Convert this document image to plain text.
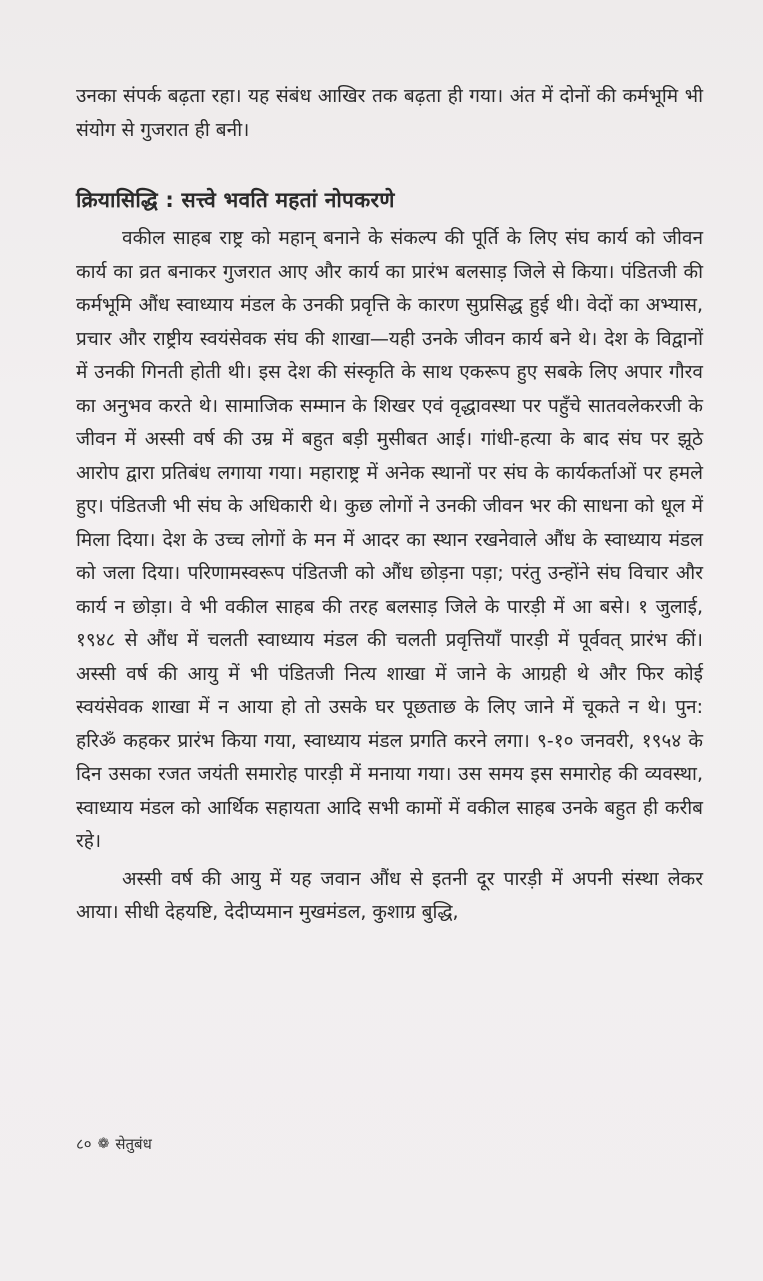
उनका संपर्क बढ़ता रहा। यह संबंध आखिर तक बढ़ता ही गया। अंत में दोनों की कर्मभूमि भी संयोग से गुजरात ही बनी।

क्रियासिद्धि : सत्त्वे भवति महतां नोपकरणे

वकील साहब राष्ट्र को महान् बनाने के संकल्प की पूर्ति के लिए संघ कार्य को जीवन कार्य का व्रत बनाकर गुजरात आए और कार्य का प्रारंभ बलसाड़ जिले से किया। पंडितजी की कर्मभूमि औंध स्वाध्याय मंडल के उनकी प्रवृत्ति के कारण सुप्रसिद्ध हुई थी। वेदों का अभ्यास, प्रचार और राष्ट्रीय स्वयंसेवक संघ की शाखा—यही उनके जीवन कार्य बने थे। देश के विद्वानों में उनकी गिनती होती थी। इस देश की संस्कृति के साथ एकरूप हुए सबके लिए अपार गौरव का अनुभव करते थे। सामाजिक सम्मान के शिखर एवं वृद्धावस्था पर पहुँचे सातवलेकरजी के जीवन में अस्सी वर्ष की उम्र में बहुत बड़ी मुसीबत आई। गांधी-हत्या के बाद संघ पर झूठे आरोप द्वारा प्रतिबंध लगाया गया। महाराष्ट्र में अनेक स्थानों पर संघ के कार्यकर्ताओं पर हमले हुए। पंडितजी भी संघ के अधिकारी थे। कुछ लोगों ने उनकी जीवन भर की साधना को धूल में मिला दिया। देश के उच्च लोगों के मन में आदर का स्थान रखनेवाले औंध के स्वाध्याय मंडल को जला दिया। परिणामस्वरूप पंडितजी को औंध छोड़ना पड़ा; परंतु उन्होंने संघ विचार और कार्य न छोड़ा। वे भी वकील साहब की तरह बलसाड़ जिले के पारड़ी में आ बसे। १ जुलाई, १९४८ से औंध में चलती स्वाध्याय मंडल की चलती प्रवृत्तियाँ पारड़ी में पूर्ववत् प्रारंभ कीं। अस्सी वर्ष की आयु में भी पंडितजी नित्य शाखा में जाने के आग्रही थे और फिर कोई स्वयंसेवक शाखा में न आया हो तो उसके घर पूछताछ के लिए जाने में चूकते न थे। पुन: हरिॐ कहकर प्रारंभ किया गया, स्वाध्याय मंडल प्रगति करने लगा। ९-१० जनवरी, १९५४ के दिन उसका रजत जयंती समारोह पारड़ी में मनाया गया। उस समय इस समारोह की व्यवस्था, स्वाध्याय मंडल को आर्थिक सहायता आदि सभी कामों में वकील साहब उनके बहुत ही करीब रहे।

अस्सी वर्ष की आयु में यह जवान औंध से इतनी दूर पारड़ी में अपनी संस्था लेकर आया। सीधी देहयष्टि, देदीप्यमान मुखमंडल, कुशाग्र बुद्धि,

८० ❁ सेतुबंध
